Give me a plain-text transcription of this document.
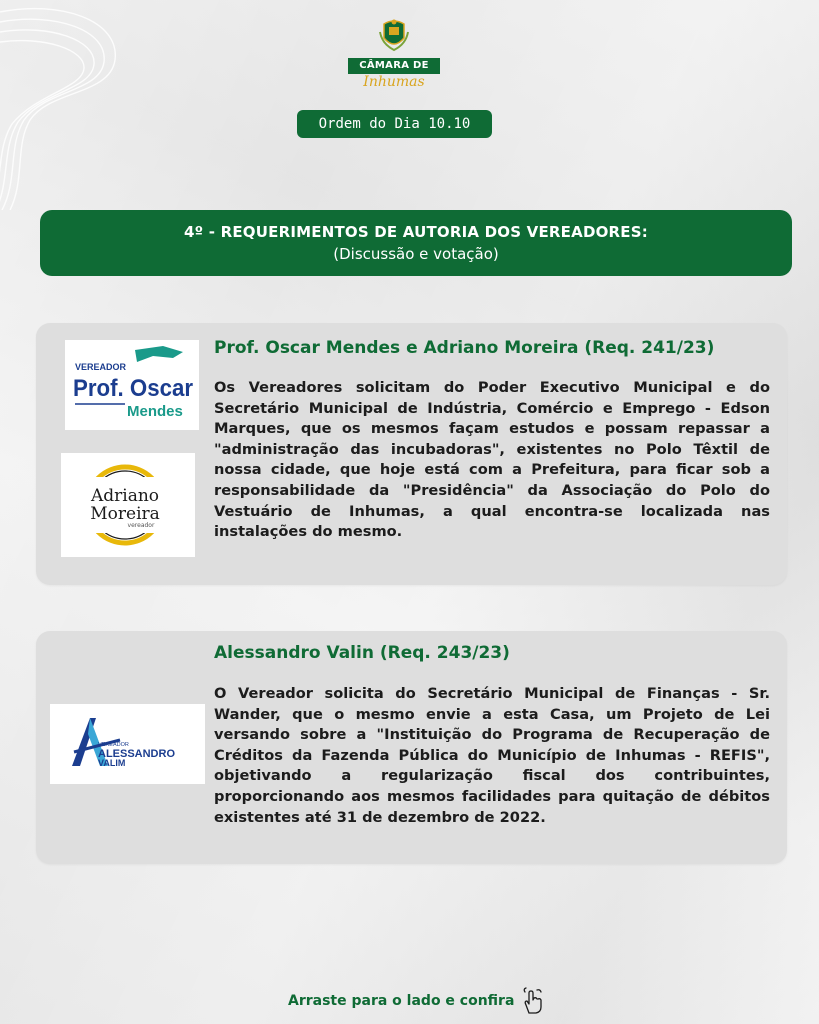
CÂMARA DE
Inhumas
Ordem do Dia 10.10
4º - REQUERIMENTOS DE AUTORIA DOS VEREADORES:
(Discussão e votação)
VEREADOR
Prof. Oscar
Mendes
Adriano
Moreira
vereador
Prof. Oscar Mendes e Adriano Moreira (Req. 241/23)
Os Vereadores solicitam do Poder Executivo Municipal e do Secretário Municipal de Indústria, Comércio e Emprego - Edson Marques, que os mesmos façam estudos e possam repassar a "administração das incubadoras", existentes no Polo Têxtil de nossa cidade, que hoje está com a Prefeitura, para ficar sob a responsabilidade da "Presidência" da Associação do Polo do Vestuário de Inhumas, a qual encontra-se localizada nas instalações do mesmo.
VEREADOR
ALESSANDRO
VALIM
Alessandro Valin (Req. 243/23)
O Vereador solicita do Secretário Municipal de Finanças - Sr. Wander, que o mesmo envie a esta Casa, um Projeto de Lei versando sobre a "Instituição do Programa de Recuperação de Créditos da Fazenda Pública do Município de Inhumas - REFIS", objetivando a regularização fiscal dos contribuintes, proporcionando aos mesmos facilidades para quitação de débitos existentes até 31 de dezembro de 2022.
Arraste para o lado e confira
